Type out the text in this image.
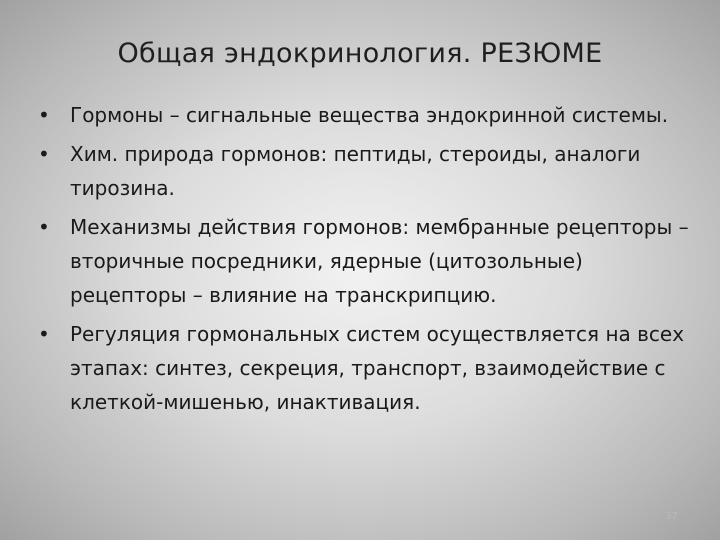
Общая эндокринология. РЕЗЮМЕ
• Гормоны – сигнальные вещества эндокринной системы.
• Хим. природа гормонов: пептиды, стероиды, аналоги тирозина.
• Механизмы действия гормонов: мембранные рецепторы – вторичные посредники, ядерные (цитозольные) рецепторы – влияние на транскрипцию.
• Регуляция гормональных систем осуществляется на всех этапах: синтез, секреция, транспорт, взаимодействие с клеткой-мишенью, инактивация.
37
